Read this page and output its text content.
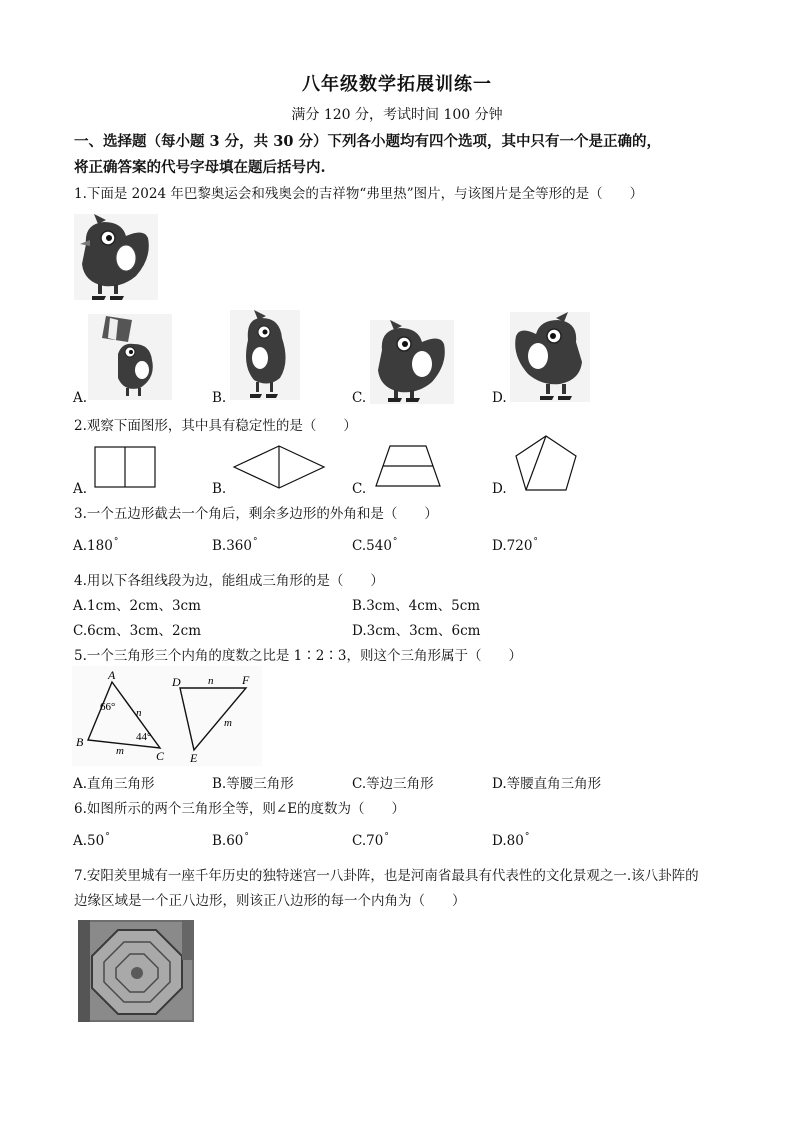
八年级数学拓展训练一
满分 120 分，考试时间 100 分钟
一、选择题（每小题 3 分，共 30 分）下列各小题均有四个选项，其中只有一个是正确的，
将正确答案的代号字母填在题后括号内.
1.下面是 2024 年巴黎奥运会和残奥会的吉祥物“弗里热”图片，与该图片是全等形的是（　　）
A.	B.	C.	D.
2.观察下面图形，其中具有稳定性的是（　　）
A.	B.	C.	D.
3.一个五边形截去一个角后，剩余多边形的外角和是（　　）
A.180°	B.360°	C.540°	D.720°
4.用以下各组线段为边，能组成三角形的是（　　）
A.1cm、2cm、3cm	B.3cm、4cm、5cm
C.6cm、3cm、2cm	D.3cm、3cm、6cm
5.一个三角形三个内角的度数之比是 1∶2∶3，则这个三角形属于（　　）
A
B
C
66°
44°
n
m
D	F
E
n
m
A.直角三角形	B.等腰三角形	C.等边三角形	D.等腰直角三角形
6.如图所示的两个三角形全等，则∠E的度数为（　　）
A.50°	B.60°	C.70°	D.80°
7.安阳羑里城有一座千年历史的独特迷宫一八卦阵，也是河南省最具有代表性的文化景观之一.该八卦阵的
边缘区域是一个正八边形，则该正八边形的每一个内角为（　　）
